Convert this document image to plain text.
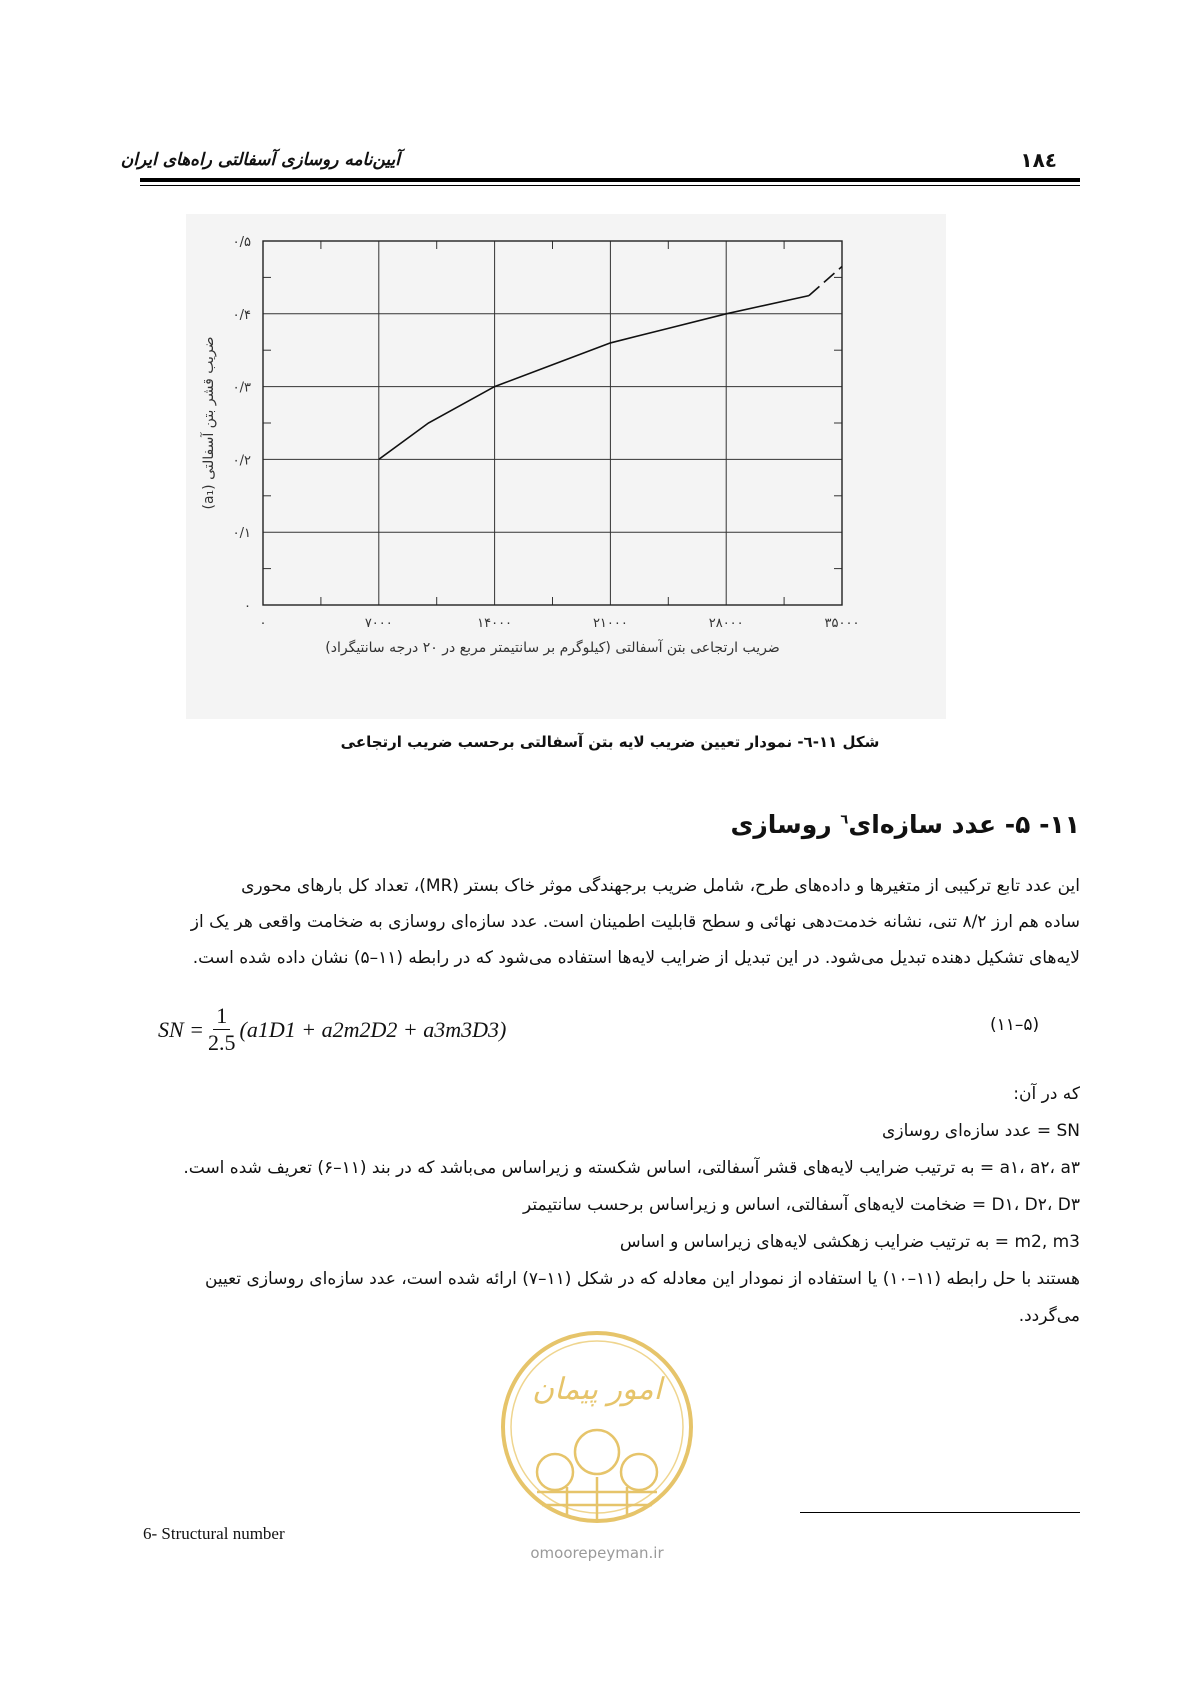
آیین‌نامه روسازی آسفالتی راه‌های ایران	۱۸٤
۰	۷۰۰۰	۱۴۰۰۰	۲۱۰۰۰	۲۸۰۰۰	۳۵۰۰۰
۰
۰/۱
۰/۲
۰/۳
۰/۴
۰/۵
ضریب ارتجاعی بتن آسفالتی (کیلوگرم بر سانتیمتر مربع در ۲۰ درجه سانتیگراد)
ضریب قشر بتن آسفالتی (a₁)
شکل ۱۱-٦- نمودار تعیین ضریب لایه بتن آسفالتی برحسب ضریب ارتجاعی
۱۱- ۵- عدد سازه‌ای$^٦$ روسازی
این عدد تابع ترکیبی از متغیرها و داده‌های طرح، شامل ضریب برجهندگی موثر خاک بستر (MR)، تعداد کل بارهای محوری
ساده هم ارز ۸/۲ تنی، نشانه خدمت‌دهی نهائی و سطح قابلیت اطمینان است. عدد سازه‌ای روسازی به ضخامت واقعی هر یک از
لایه‌های تشکیل دهنده تبدیل می‌شود. در این تبدیل از ضرایب لایه‌ها استفاده می‌شود که در رابطه (۱۱–۵) نشان داده شده است.
SN = $\frac{1}{2.5} (a1D1 + a2m2D2 + a3m3D3)$	(۵–۱۱)
که در آن:
SN = عدد سازه‌ای روسازی
a۱، a۲، a۳ = به ترتیب ضرایب لایه‌های قشر آسفالتی، اساس شکسته و زیراساس می‌باشد که در بند (۱۱–۶) تعریف شده است.
D۱، D۲، D۳ = ضخامت لایه‌های آسفالتی، اساس و زیراساس برحسب سانتیمتر
m2, m3 = به ترتیب ضرایب زهکشی لایه‌های زیراساس و اساس
هستند با حل رابطه (۱۱–۱۰) یا استفاده از نمودار این معادله که در شکل (۱۱–۷) ارائه شده است، عدد سازه‌ای روسازی تعیین
می‌گردد.
امور پیمان
omoorepeyman.ir
6- Structural number
